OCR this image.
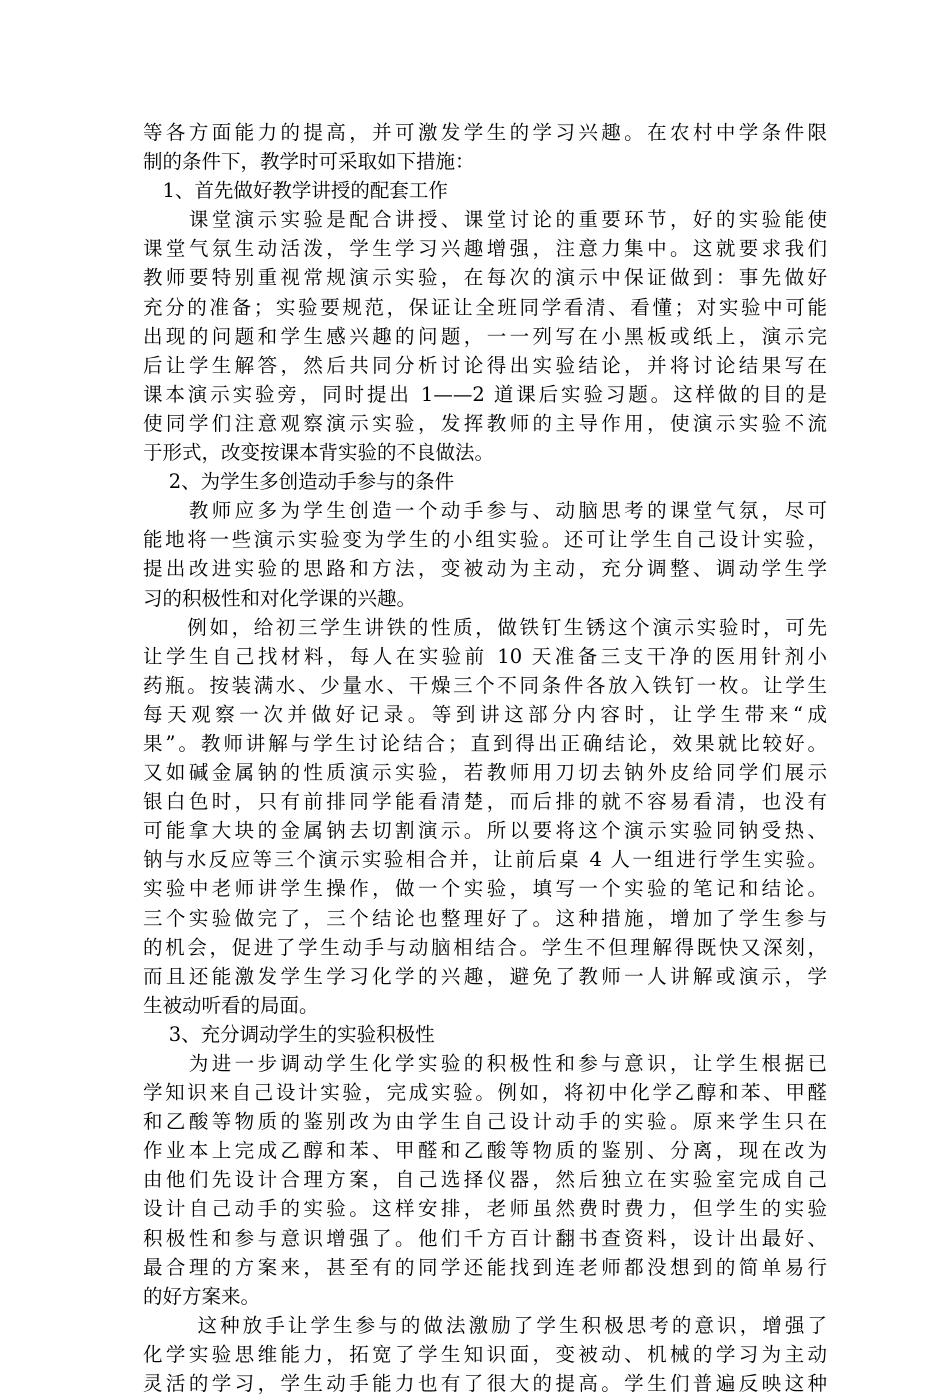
等各方面能力的提高，并可激发学生的学习兴趣。在农村中学条件限
制的条件下，教学时可采取如下措施：
　1、首先做好教学讲授的配套工作
　　课堂演示实验是配合讲授、课堂讨论的重要环节，好的实验能使
课堂气氛生动活泼，学生学习兴趣增强，注意力集中。这就要求我们
教师要特别重视常规演示实验，在每次的演示中保证做到：事先做好
充分的准备；实验要规范，保证让全班同学看清、看懂；对实验中可能
出现的问题和学生感兴趣的问题，一一列写在小黑板或纸上，演示完
后让学生解答，然后共同分析讨论得出实验结论，并将讨论结果写在
课本演示实验旁，同时提出 1——2 道课后实验习题。这样做的目的是
使同学们注意观察演示实验，发挥教师的主导作用，使演示实验不流
于形式，改变按课本背实验的不良做法。
　 2、为学生多创造动手参与的条件
　　教师应多为学生创造一个动手参与、动脑思考的课堂气氛，尽可
能地将一些演示实验变为学生的小组实验。还可让学生自己设计实验，
提出改进实验的思路和方法，变被动为主动，充分调整、调动学生学
习的积极性和对化学课的兴趣。
　　例如，给初三学生讲铁的性质，做铁钉生锈这个演示实验时，可先
让学生自己找材料，每人在实验前 10 天准备三支干净的医用针剂小
药瓶。按装满水、少量水、干燥三个不同条件各放入铁钉一枚。让学生
每天观察一次并做好记录。等到讲这部分内容时，让学生带来“成
果”。教师讲解与学生讨论结合；直到得出正确结论，效果就比较好。
又如碱金属钠的性质演示实验，若教师用刀切去钠外皮给同学们展示
银白色时，只有前排同学能看清楚，而后排的就不容易看清，也没有
可能拿大块的金属钠去切割演示。所以要将这个演示实验同钠受热、
钠与水反应等三个演示实验相合并，让前后桌 4 人一组进行学生实验。
实验中老师讲学生操作，做一个实验，填写一个实验的笔记和结论。
三个实验做完了，三个结论也整理好了。这种措施，增加了学生参与
的机会，促进了学生动手与动脑相结合。学生不但理解得既快又深刻，
而且还能激发学生学习化学的兴趣，避免了教师一人讲解或演示，学
生被动听看的局面。
　 3、充分调动学生的实验积极性
　　为进一步调动学生化学实验的积极性和参与意识，让学生根据已
学知识来自己设计实验，完成实验。例如，将初中化学乙醇和苯、甲醛
和乙酸等物质的鉴别改为由学生自己设计动手的实验。原来学生只在
作业本上完成乙醇和苯、甲醛和乙酸等物质的鉴别、分离，现在改为
由他们先设计合理方案，自己选择仪器，然后独立在实验室完成自己
设计自己动手的实验。这样安排，老师虽然费时费力，但学生的实验
积极性和参与意识增强了。他们千方百计翻书查资料，设计出最好、
最合理的方案来，甚至有的同学还能找到连老师都没想到的简单易行
的好方案来。
　　 这种放手让学生参与的做法激励了学生积极思考的意识，增强了
化学实验思维能力，拓宽了学生知识面，变被动、机械的学习为主动
灵活的学习，学生动手能力也有了很大的提高。学生们普遍反映这种
